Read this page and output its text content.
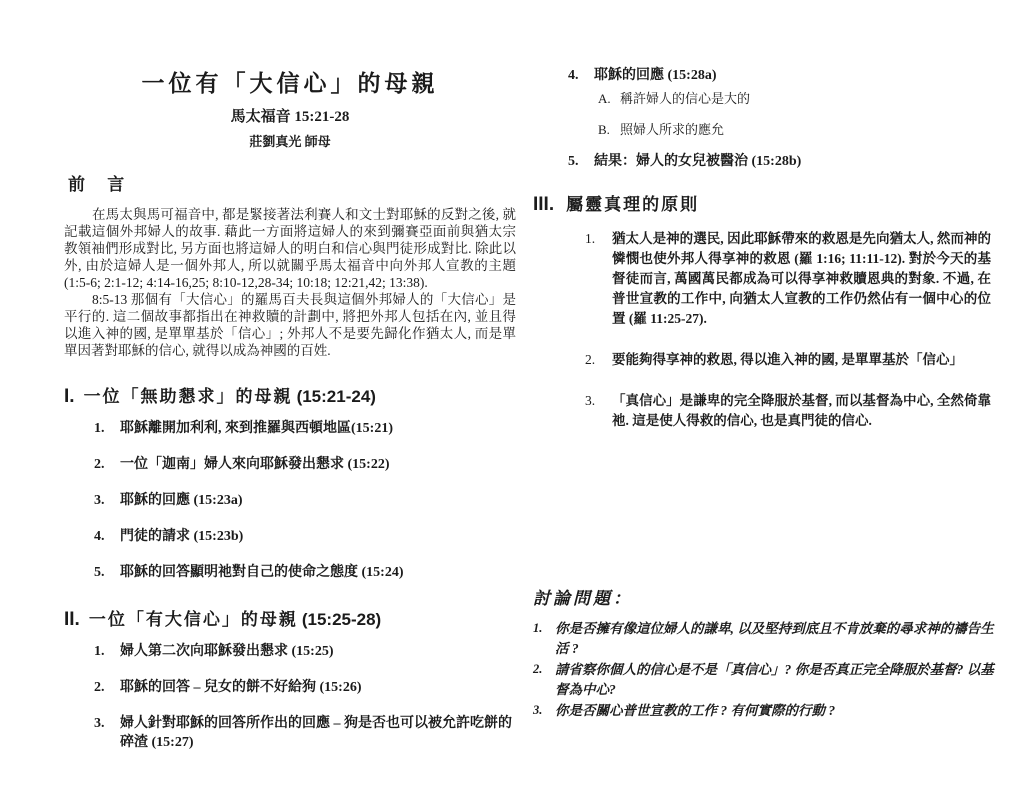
一位有「大信心」的母親
馬太福音 15:21-28
莊劉真光 師母
前 言

在馬太與馬可福音中, 都是緊接著法利賽人和文士對耶穌的反對之後, 就記載這個外邦婦人的故事. 藉此一方面將這婦人的來到彌賽亞面前與猶太宗教領袖們形成對比, 另方面也將這婦人的明白和信心與門徒形成對比. 除此以外, 由於這婦人是一個外邦人, 所以就關乎馬太福音中向外邦人宣教的主題 (1:5-6; 2:1-12; 4:14-16,25; 8:10-12,28-34; 10:18; 12:21,42; 13:38).

8:5-13 那個有「大信心」的羅馬百夫長與這個外邦婦人的「大信心」是平行的. 這二個故事都指出在神救贖的計劃中, 將把外邦人包括在內, 並且得以進入神的國, 是單單基於「信心」; 外邦人不是要先歸化作猶太人, 而是單單因著對耶穌的信心, 就得以成為神國的百姓.

I. 一位「無助懇求」的母親 (15:21-24)
1.	耶穌離開加利利, 來到推羅與西頓地區(15:21)
2.	一位「迦南」婦人來向耶穌發出懇求 (15:22)
3.	耶穌的回應 (15:23a)
4.	門徒的請求 (15:23b)
5.	耶穌的回答顯明祂對自己的使命之態度 (15:24)
II. 一位「有大信心」的母親 (15:25-28)
1.	婦人第二次向耶穌發出懇求 (15:25)
2.	耶穌的回答 – 兒女的餅不好給狗 (15:26)
3.	婦人針對耶穌的回答所作出的回應 – 狗是否也可以被允許吃餅的碎渣 (15:27)
4.	耶穌的回應 (15:28a)
A. 稱許婦人的信心是大的
B. 照婦人所求的應允
5.	結果：婦人的女兒被醫治 (15:28b)
III. 屬靈真理的原則
1.	猶太人是神的選民, 因此耶穌帶來的救恩是先向猶太人, 然而神的憐憫也使外邦人得享神的救恩 (羅 1:16; 11:11-12). 對於今天的基督徒而言, 萬國萬民都成為可以得享神救贖恩典的對象. 不過, 在普世宣教的工作中, 向猶太人宣教的工作仍然佔有一個中心的位置 (羅 11:25-27).
2.	要能夠得享神的救恩, 得以進入神的國, 是單單基於「信心」
3.	「真信心」是謙卑的完全降服於基督, 而以基督為中心, 全然倚靠祂. 這是使人得救的信心, 也是真門徒的信心.
討論問題：
1. 你是否擁有像這位婦人的謙卑, 以及堅持到底且不肯放棄的尋求神的禱告生活 ?
2. 請省察你個人的信心是不是「真信心」? 你是否真正完全降服於基督? 以基督為中心?
3. 你是否關心普世宣教的工作 ? 有何實際的行動 ?
